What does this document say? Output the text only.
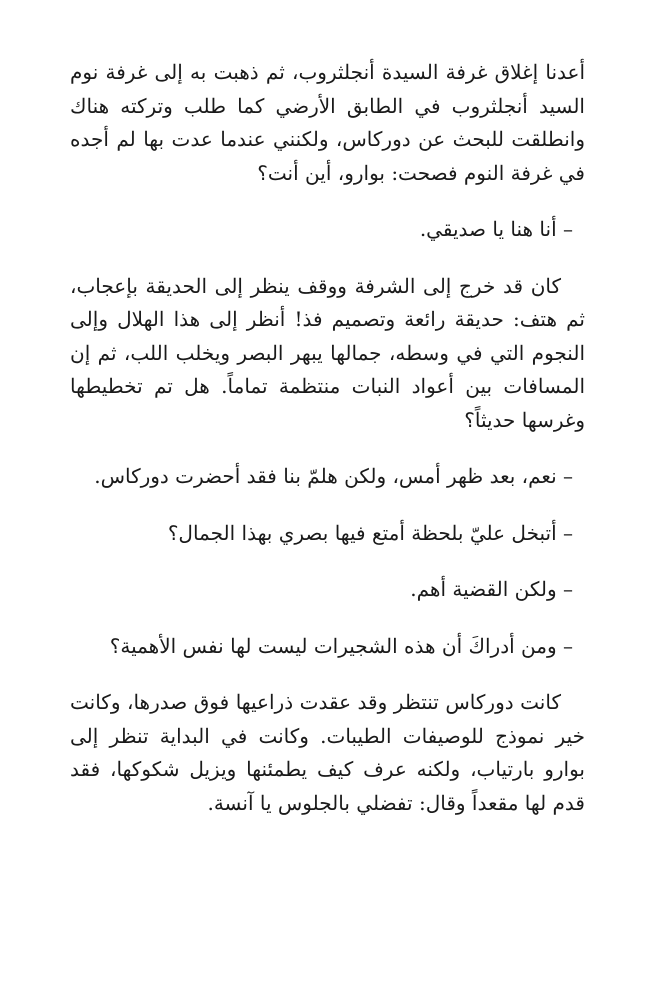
أعدنا إغلاق غرفة السيدة أنجلثروب، ثم ذهبت به إلى غرفة نوم السيد أنجلثروب في الطابق الأرضي كما طلب وتركته هناك وانطلقت للبحث عن دوركاس، ولكنني عندما عدت بها لم أجده في غرفة النوم فصحت: بوارو، أين أنت؟

– أنا هنا يا صديقي.

كان قد خرج إلى الشرفة ووقف ينظر إلى الحديقة بإعجاب، ثم هتف: حديقة رائعة وتصميم فذ! أنظر إلى هذا الهلال وإلى النجوم التي في وسطه، جمالها يبهر البصر ويخلب اللب، ثم إن المسافات بين أعواد النبات منتظمة تماماً. هل تم تخطيطها وغرسها حديثاً؟

– نعم، بعد ظهر أمس، ولكن هلمّ بنا فقد أحضرت دوركاس.

– أتبخل عليّ بلحظة أمتع فيها بصري بهذا الجمال؟

– ولكن القضية أهم.

– ومن أدراكَ أن هذه الشجيرات ليست لها نفس الأهمية؟

كانت دوركاس تنتظر وقد عقدت ذراعيها فوق صدرها، وكانت خير نموذج للوصيفات الطيبات. وكانت في البداية تنظر إلى بوارو بارتياب، ولكنه عرف كيف يطمئنها ويزيل شكوكها، فقد قدم لها مقعداً وقال: تفضلي بالجلوس يا آنسة.
